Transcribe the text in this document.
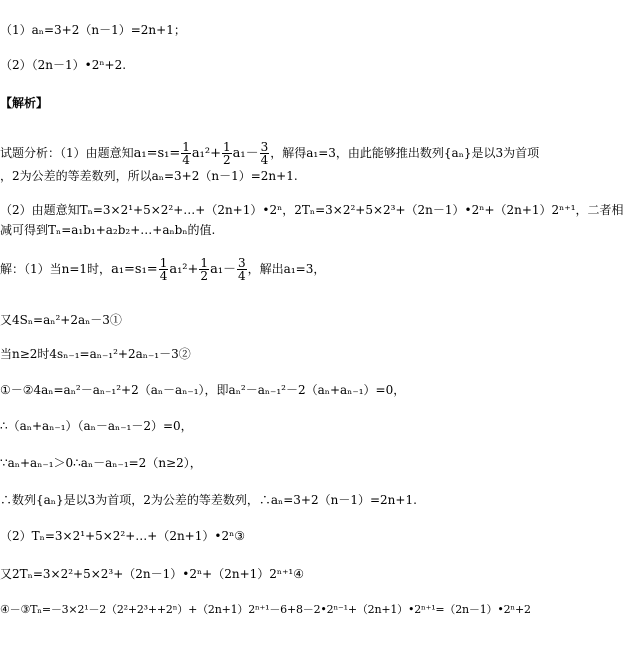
（1）aₙ=3+2（n－1）=2n+1；
（2）（2n－1）•2ⁿ+2.
【解析】
试题分析：（1）由题意知$a_1=s_1= \frac{1}{4} a_1^2+ \frac{1}{2} a_1- \frac{3}{4}$ ，解得a₁=3，由此能够推出数列{aₙ}是以3为首项
，2为公差的等差数列，所以aₙ=3+2（n－1）=2n+1.
（2）由题意知Tₙ=3×2¹+5×2²+…+（2n+1）•2ⁿ，2Tₙ=3×2²+5×2³+（2n－1）•2ⁿ+（2n+1）2ⁿ⁺¹，二者相减可得到Tₙ=a₁b₁+a₂b₂+…+aₙbₙ的值.
解：（1）当n=1时，$a_1=s_1= \frac{1}{4} a_1^2+ \frac{1}{2} a_1- \frac{3}{4}$ ，解出a₁=3，
又4Sₙ=aₙ²+2aₙ－3①
当n≥2时4sₙ₋₁=aₙ₋₁²+2aₙ₋₁－3②
①－②4aₙ=aₙ²－aₙ₋₁²+2（aₙ－aₙ₋₁），即aₙ²－aₙ₋₁²－2（aₙ+aₙ₋₁）=0，
∴（aₙ+aₙ₋₁）（aₙ－aₙ₋₁－2）=0，
∵aₙ+aₙ₋₁＞0∴aₙ－aₙ₋₁=2（n≥2），
∴数列{aₙ}是以3为首项，2为公差的等差数列，∴aₙ=3+2（n－1）=2n+1.
（2）Tₙ=3×2¹+5×2²+…+（2n+1）•2ⁿ③
又2Tₙ=3×2²+5×2³+（2n－1）•2ⁿ+（2n+1）2ⁿ⁺¹④
④－③Tₙ=－3×2¹－2（2²+2³++2ⁿ）+（2n+1）2ⁿ⁺¹－6+8－2•2ⁿ⁻¹+（2n+1）•2ⁿ⁺¹=（2n－1）•2ⁿ+2
